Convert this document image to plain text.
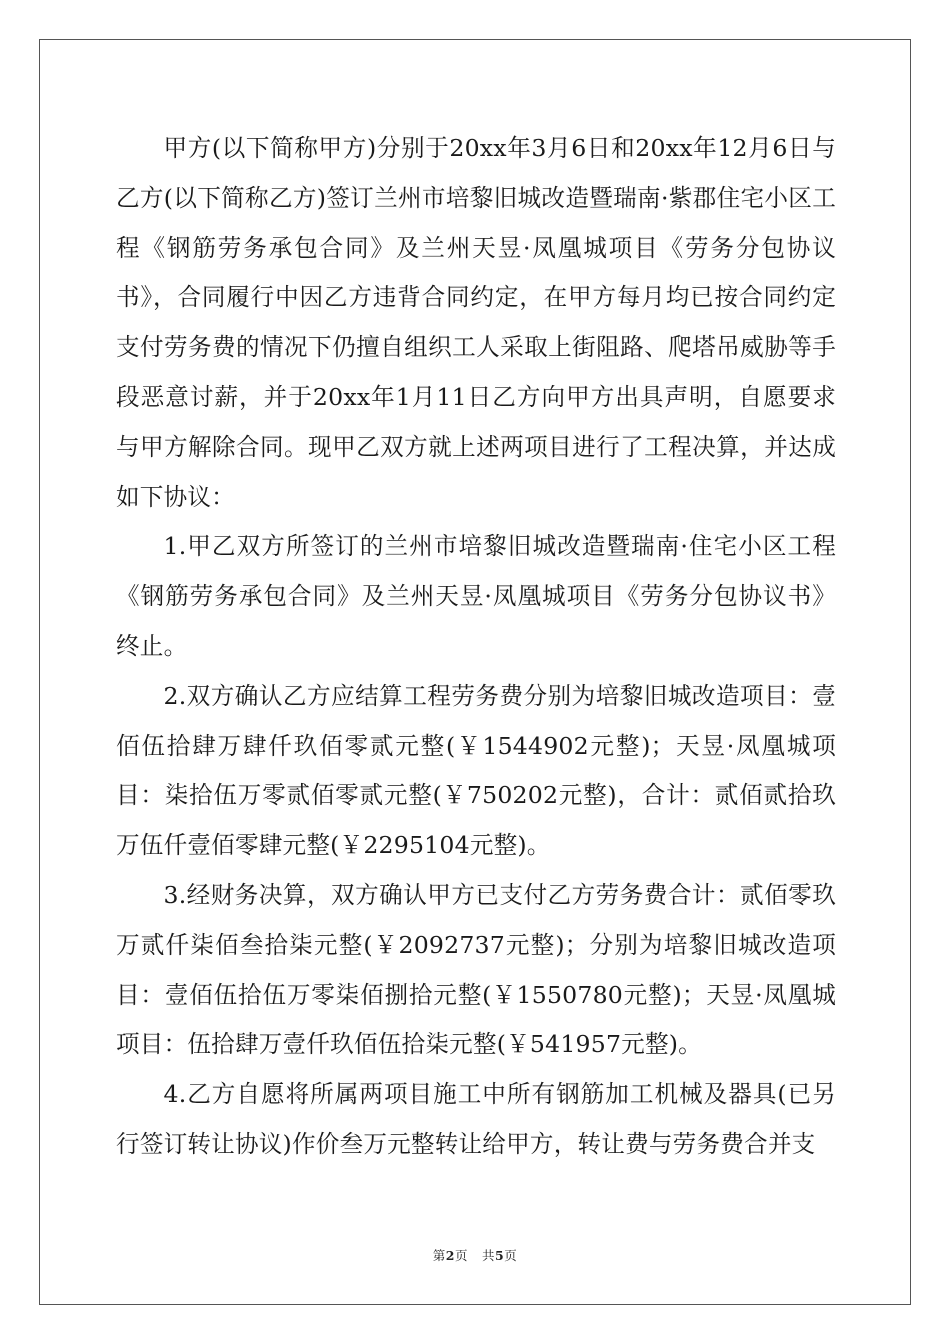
甲方(以下简称甲方)分别于20xx年3月6日和20xx年12月6日与乙方(以下简称乙方)签订兰州市培黎旧城改造暨瑞南·紫郡住宅小区工程《钢筋劳务承包合同》及兰州天昱·凤凰城项目《劳务分包协议书》，合同履行中因乙方违背合同约定，在甲方每月均已按合同约定支付劳务费的情况下仍擅自组织工人采取上街阻路、爬塔吊威胁等手段恶意讨薪，并于20xx年1月11日乙方向甲方出具声明，自愿要求与甲方解除合同。现甲乙双方就上述两项目进行了工程决算，并达成如下协议：

1.甲乙双方所签订的兰州市培黎旧城改造暨瑞南·住宅小区工程《钢筋劳务承包合同》及兰州天昱·凤凰城项目《劳务分包协议书》终止。

2.双方确认乙方应结算工程劳务费分别为培黎旧城改造项目：壹佰伍拾肆万肆仟玖佰零贰元整(￥1544902元整)；天昱·凤凰城项目：柒拾伍万零贰佰零贰元整(￥750202元整)，合计：贰佰贰拾玖万伍仟壹佰零肆元整(￥2295104元整)。

3.经财务决算，双方确认甲方已支付乙方劳务费合计：贰佰零玖万贰仟柒佰叁拾柒元整(￥2092737元整)；分别为培黎旧城改造项目：壹佰伍拾伍万零柒佰捌拾元整(￥1550780元整)；天昱·凤凰城项目：伍拾肆万壹仟玖佰伍拾柒元整(￥541957元整)。

4.乙方自愿将所属两项目施工中所有钢筋加工机械及器具(已另行签订转让协议)作价叁万元整转让给甲方，转让费与劳务费合并支

第2页 共5页
